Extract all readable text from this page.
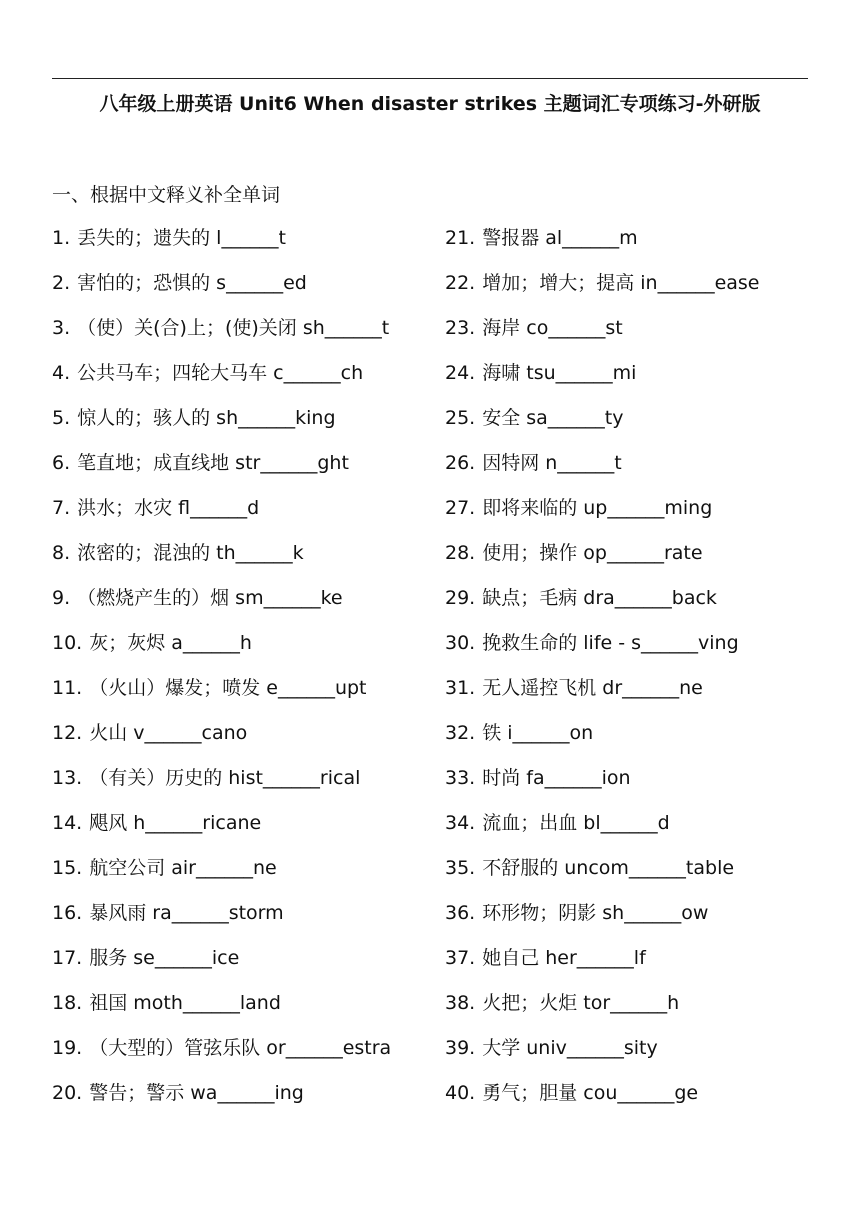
八年级上册英语 Unit6 When disaster strikes 主题词汇专项练习-外研版
一、根据中文释义补全单词
1. 丢失的；遗失的 l______t
2. 害怕的；恐惧的 s______ed
3. （使）关(合)上；(使)关闭 sh______t
4. 公共马车；四轮大马车 c______ch
5. 惊人的；骇人的 sh______king
6. 笔直地；成直线地 str______ght
7. 洪水；水灾 fl______d
8. 浓密的；混浊的 th______k
9. （燃烧产生的）烟 sm______ke
10. 灰；灰烬 a______h
11. （火山）爆发；喷发 e______upt
12. 火山 v______cano
13. （有关）历史的 hist______rical
14. 飓风 h______ricane
15. 航空公司 air______ne
16. 暴风雨 ra______storm
17. 服务 se______ice
18. 祖国 moth______land
19. （大型的）管弦乐队 or______estra
20. 警告；警示 wa______ing
21. 警报器 al______m
22. 增加；增大；提高 in______ease
23. 海岸 co______st
24. 海啸 tsu______mi
25. 安全 sa______ty
26. 因特网 n______t
27. 即将来临的 up______ming
28. 使用；操作 op______rate
29. 缺点；毛病 dra______back
30. 挽救生命的 life - s______ving
31. 无人遥控飞机 dr______ne
32. 铁 i______on
33. 时尚 fa______ion
34. 流血；出血 bl______d
35. 不舒服的 uncom______table
36. 环形物；阴影 sh______ow
37. 她自己 her______lf
38. 火把；火炬 tor______h
39. 大学 univ______sity
40. 勇气；胆量 cou______ge
